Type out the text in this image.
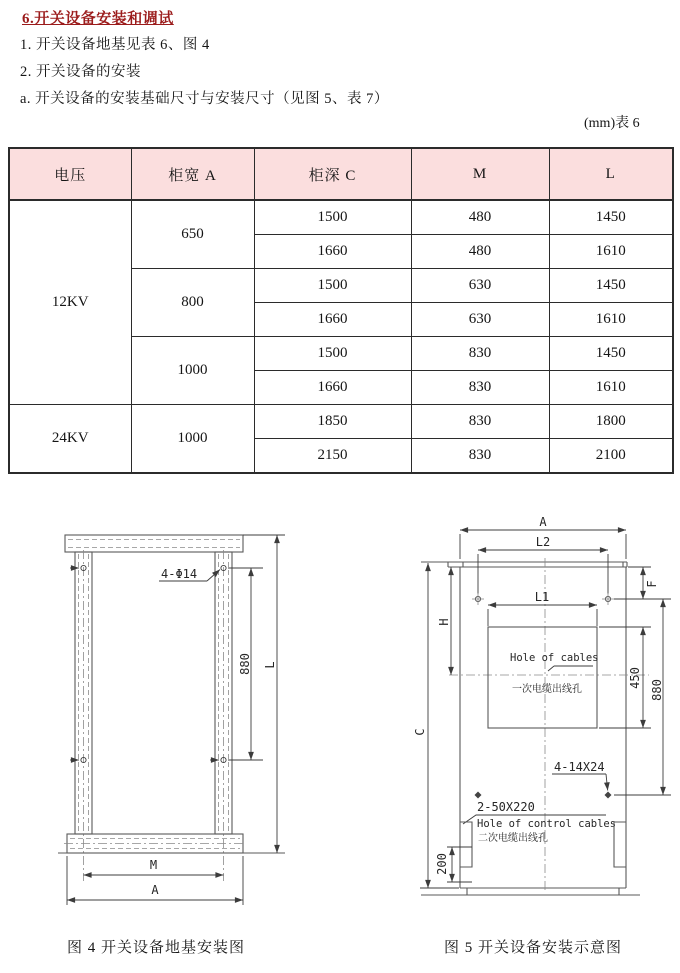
6.开关设备安装和调试
1. 开关设备地基见表 6、图 4
2. 开关设备的安装
a. 开关设备的安装基础尺寸与安装尺寸（见图 5、表 7）
(mm)表 6
电压	柜宽 A	柜深 C	M	L
12KV	650	1500	480	1450
		1660	480	1610
	800	1500	630	1450
		1660	630	1610
	1000	1500	830	1450
		1660	830	1610
24KV	1000	1850	830	1800
		2150	830	2100
4-Φ14
880 L
M
A
A
L2
F
L1
Hole of cables
一次电缆出线孔
450
880
H
C
4-14X24
2-50X220
Hole of control cables
二次电缆出线孔
200
图 4 开关设备地基安装图	图 5 开关设备安装示意图
